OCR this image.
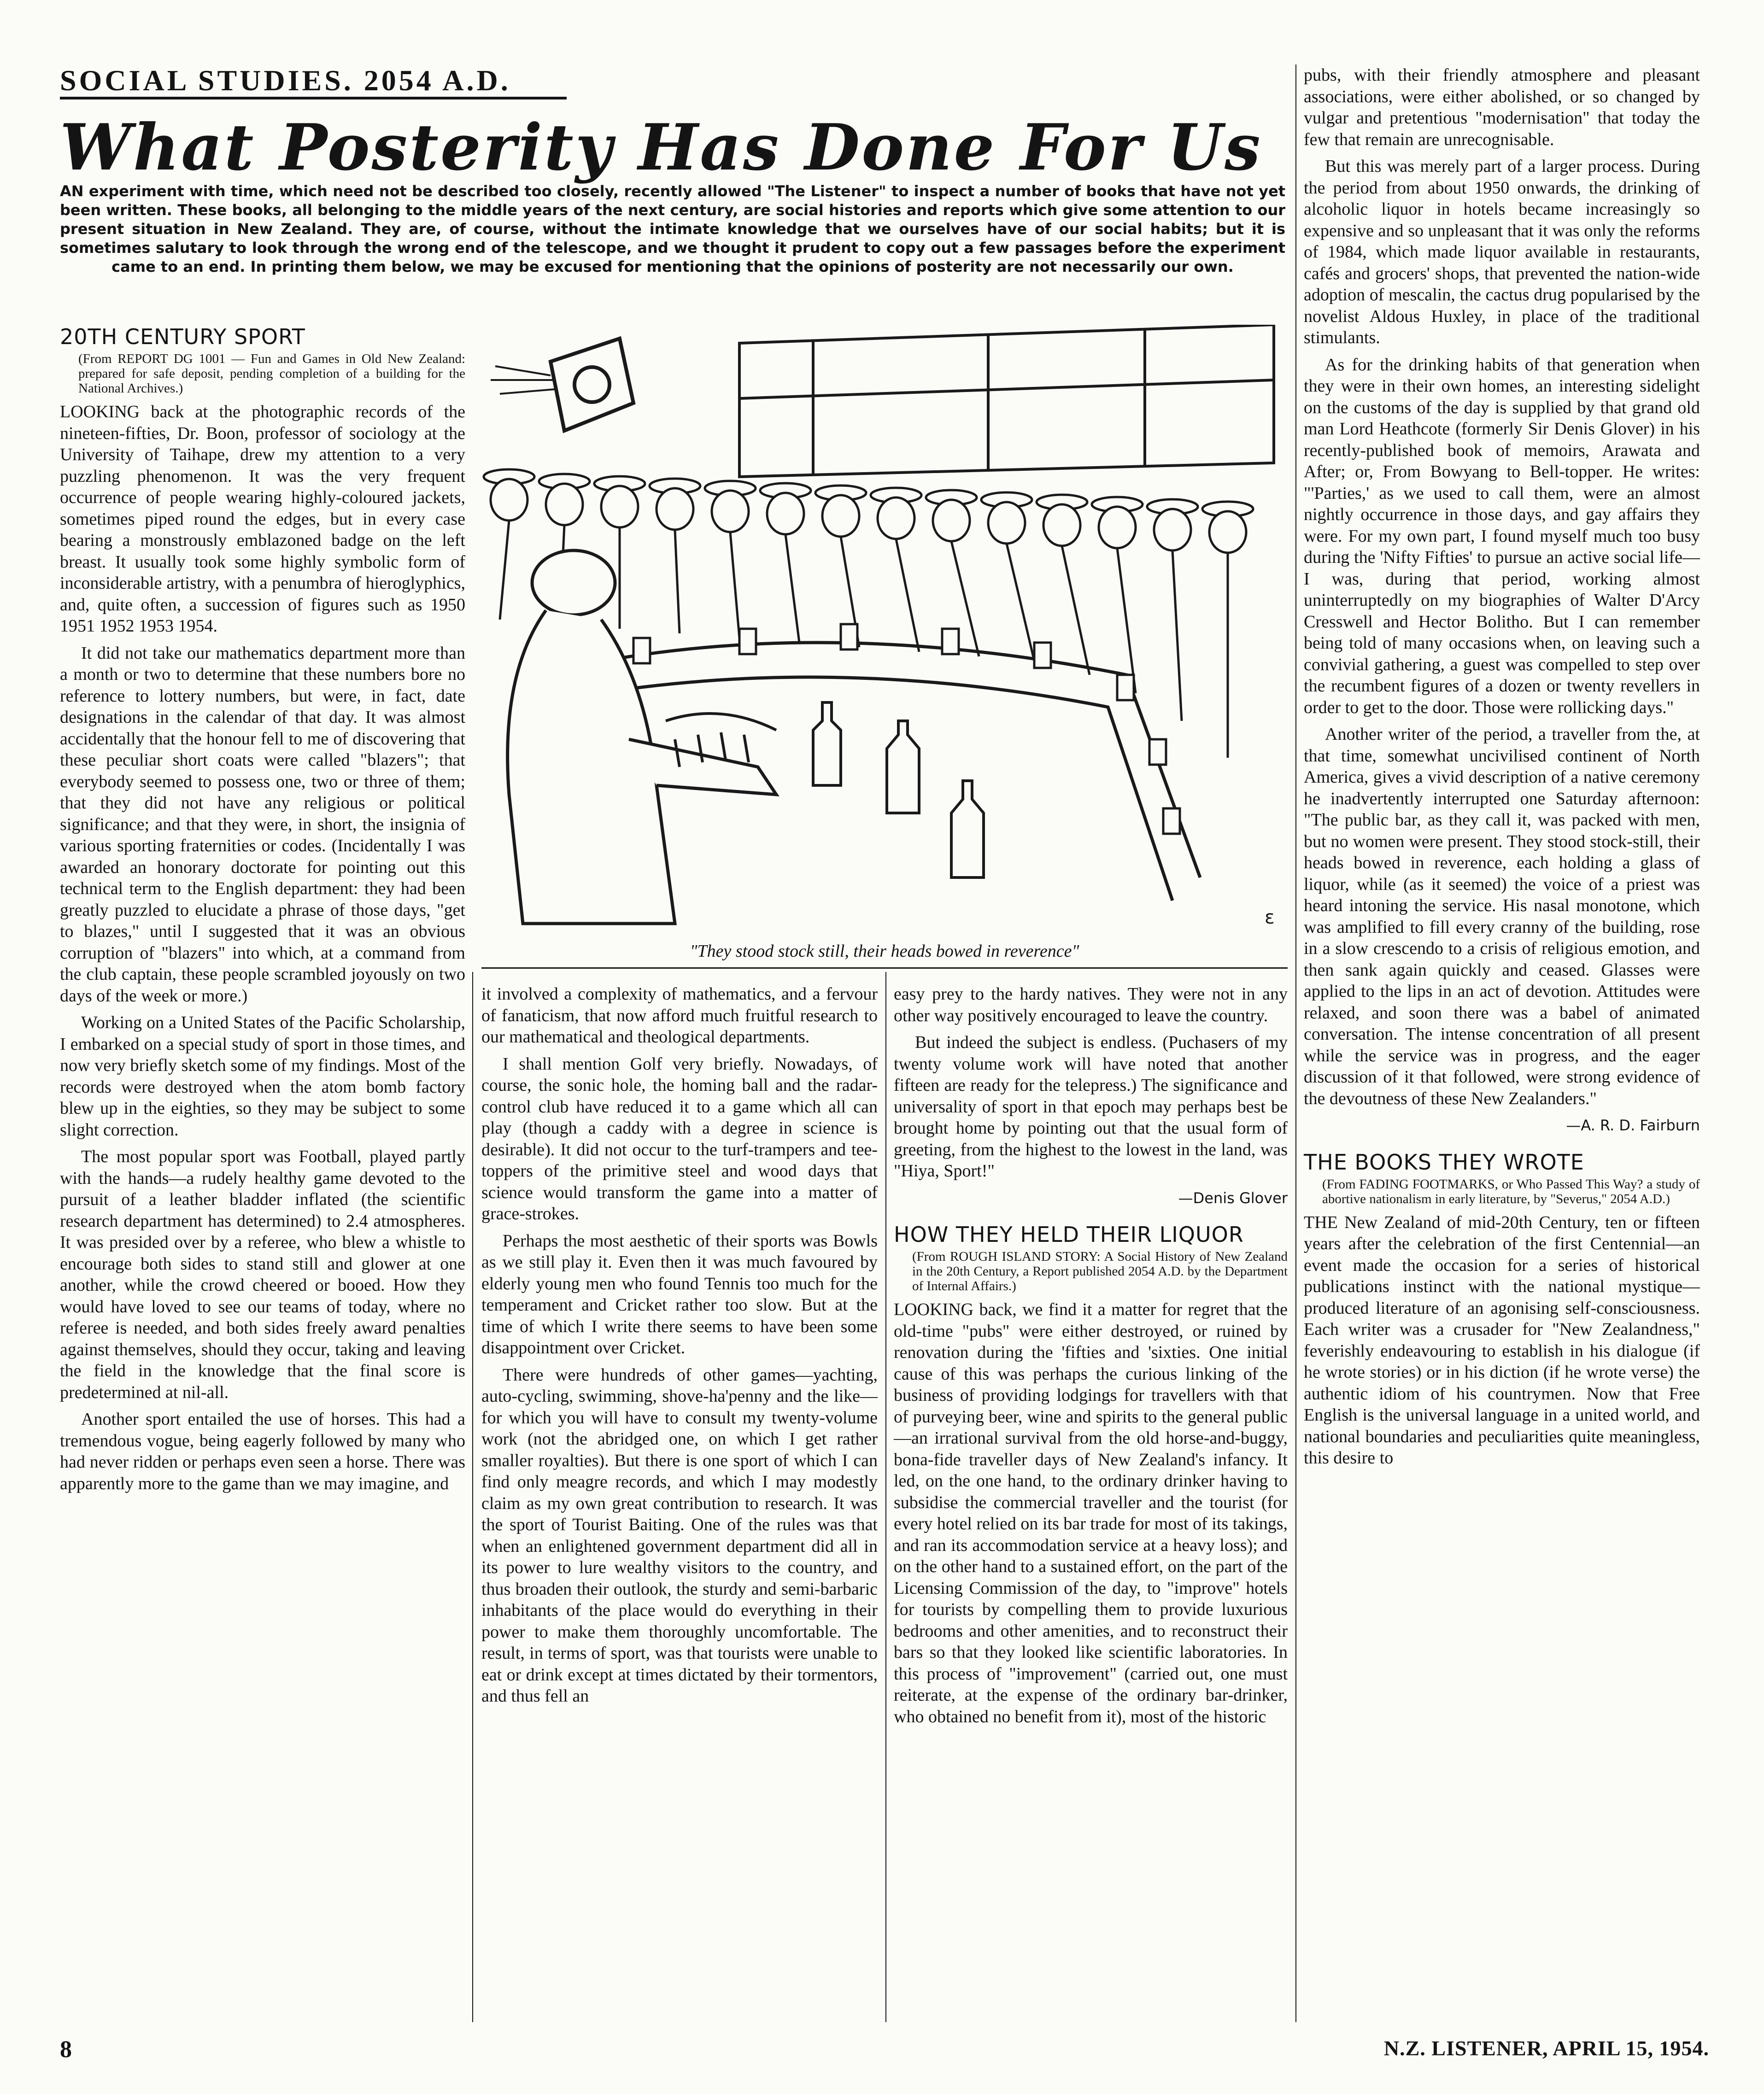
SOCIAL STUDIES. 2054 A.D.
What Posterity Has Done For Us
AN experiment with time, which need not be described too closely, recently allowed "The Listener" to inspect a number of books that have not yet been written. These books, all belonging to the middle years of the next century, are social histories and reports which give some attention to our present situation in New Zealand. They are, of course, without the intimate knowledge that we ourselves have of our social habits; but it is sometimes salutary to look through the wrong end of the telescope, and we thought it prudent to copy out a few passages before the experiment came to an end. In printing them below, we may be excused for mentioning that the opinions of posterity are not necessarily our own.
20TH CENTURY SPORT
(From REPORT DG 1001 — Fun and Games in Old New Zealand: prepared for safe deposit, pending completion of a building for the National Archives.)

LOOKING back at the photographic records of the nineteen-fifties, Dr. Boon, professor of sociology at the University of Taihape, drew my attention to a very puzzling phenomenon. It was the very frequent occurrence of people wearing highly-coloured jackets, sometimes piped round the edges, but in every case bearing a monstrously emblazoned badge on the left breast. It usually took some highly symbolic form of inconsiderable artistry, with a penumbra of hieroglyphics, and, quite often, a succession of figures such as 1950 1951 1952 1953 1954.

It did not take our mathematics department more than a month or two to determine that these numbers bore no reference to lottery numbers, but were, in fact, date designations in the calendar of that day. It was almost accidentally that the honour fell to me of discovering that these peculiar short coats were called "blazers"; that everybody seemed to possess one, two or three of them; that they did not have any religious or political significance; and that they were, in short, the insignia of various sporting fraternities or codes. (Incidentally I was awarded an honorary doctorate for pointing out this technical term to the English department: they had been greatly puzzled to elucidate a phrase of those days, "get to blazes," until I suggested that it was an obvious corruption of "blazers" into which, at a command from the club captain, these people scrambled joyously on two days of the week or more.)

Working on a United States of the Pacific Scholarship, I embarked on a special study of sport in those times, and now very briefly sketch some of my findings. Most of the records were destroyed when the atom bomb factory blew up in the eighties, so they may be subject to some slight correction.

The most popular sport was Football, played partly with the hands—a rudely healthy game devoted to the pursuit of a leather bladder inflated (the scientific research department has determined) to 2.4 atmospheres. It was presided over by a referee, who blew a whistle to encourage both sides to stand still and glower at one another, while the crowd cheered or booed. How they would have loved to see our teams of today, where no referee is needed, and both sides freely award penalties against themselves, should they occur, taking and leaving the field in the knowledge that the final score is predetermined at nil-all.

Another sport entailed the use of horses. This had a tremendous vogue, being eagerly followed by many who had never ridden or perhaps even seen a horse. There was apparently more to the game than we may imagine, and

ε
"They stood stock still, their heads bowed in reverence"

it involved a complexity of mathematics, and a fervour of fanaticism, that now afford much fruitful research to our mathematical and theological departments.

I shall mention Golf very briefly. Nowadays, of course, the sonic hole, the homing ball and the radar-control club have reduced it to a game which all can play (though a caddy with a degree in science is desirable). It did not occur to the turf-trampers and tee-toppers of the primitive steel and wood days that science would transform the game into a matter of grace-strokes.

Perhaps the most aesthetic of their sports was Bowls as we still play it. Even then it was much favoured by elderly young men who found Tennis too much for the temperament and Cricket rather too slow. But at the time of which I write there seems to have been some disappointment over Cricket.

There were hundreds of other games—yachting, auto-cycling, swimming, shove-ha'penny and the like—for which you will have to consult my twenty-volume work (not the abridged one, on which I get rather smaller royalties). But there is one sport of which I can find only meagre records, and which I may modestly claim as my own great contribution to research. It was the sport of Tourist Baiting. One of the rules was that when an enlightened government department did all in its power to lure wealthy visitors to the country, and thus broaden their outlook, the sturdy and semi-barbaric inhabitants of the place would do everything in their power to make them thoroughly uncomfortable. The result, in terms of sport, was that tourists were unable to eat or drink except at times dictated by their tormentors, and thus fell an

easy prey to the hardy natives. They were not in any other way positively encouraged to leave the country.

But indeed the subject is endless. (Puchasers of my twenty volume work will have noted that another fifteen are ready for the telepress.) The significance and universality of sport in that epoch may perhaps best be brought home by pointing out that the usual form of greeting, from the highest to the lowest in the land, was "Hiya, Sport!"

—Denis Glover
HOW THEY HELD THEIR LIQUOR
(From ROUGH ISLAND STORY: A Social History of New Zealand in the 20th Century, a Report published 2054 A.D. by the Department of Internal Affairs.)

LOOKING back, we find it a matter for regret that the old-time "pubs" were either destroyed, or ruined by renovation during the 'fifties and 'sixties. One initial cause of this was perhaps the curious linking of the business of providing lodgings for travellers with that of purveying beer, wine and spirits to the general public—an irrational survival from the old horse-and-buggy, bona-fide traveller days of New Zealand's infancy. It led, on the one hand, to the ordinary drinker having to subsidise the commercial traveller and the tourist (for every hotel relied on its bar trade for most of its takings, and ran its accommodation service at a heavy loss); and on the other hand to a sustained effort, on the part of the Licensing Commission of the day, to "improve" hotels for tourists by compelling them to provide luxurious bedrooms and other amenities, and to reconstruct their bars so that they looked like scientific laboratories. In this process of "improvement" (carried out, one must reiterate, at the expense of the ordinary bar-drinker, who obtained no benefit from it), most of the historic

pubs, with their friendly atmosphere and pleasant associations, were either abolished, or so changed by vulgar and pretentious "modernisation" that today the few that remain are unrecognisable.

But this was merely part of a larger process. During the period from about 1950 onwards, the drinking of alcoholic liquor in hotels became increasingly so expensive and so unpleasant that it was only the reforms of 1984, which made liquor available in restaurants, cafés and grocers' shops, that prevented the nation-wide adoption of mescalin, the cactus drug popularised by the novelist Aldous Huxley, in place of the traditional stimulants.

As for the drinking habits of that generation when they were in their own homes, an interesting sidelight on the customs of the day is supplied by that grand old man Lord Heathcote (formerly Sir Denis Glover) in his recently-published book of memoirs, Arawata and After; or, From Bowyang to Bell-topper. He writes: "'Parties,' as we used to call them, were an almost nightly occurrence in those days, and gay affairs they were. For my own part, I found myself much too busy during the 'Nifty Fifties' to pursue an active social life—I was, during that period, working almost uninterruptedly on my biographies of Walter D'Arcy Cresswell and Hector Bolitho. But I can remember being told of many occasions when, on leaving such a convivial gathering, a guest was compelled to step over the recumbent figures of a dozen or twenty revellers in order to get to the door. Those were rollicking days."

Another writer of the period, a traveller from the, at that time, somewhat uncivilised continent of North America, gives a vivid description of a native ceremony he inadvertently interrupted one Saturday afternoon: "The public bar, as they call it, was packed with men, but no women were present. They stood stock-still, their heads bowed in reverence, each holding a glass of liquor, while (as it seemed) the voice of a priest was heard intoning the service. His nasal monotone, which was amplified to fill every cranny of the building, rose in a slow crescendo to a crisis of religious emotion, and then sank again quickly and ceased. Glasses were applied to the lips in an act of devotion. Attitudes were relaxed, and soon there was a babel of animated conversation. The intense concentration of all present while the service was in progress, and the eager discussion of it that followed, were strong evidence of the devoutness of these New Zealanders."

—A. R. D. Fairburn
THE BOOKS THEY WROTE
(From FADING FOOTMARKS, or Who Passed This Way? a study of abortive nationalism in early literature, by "Severus," 2054 A.D.)

THE New Zealand of mid-20th Century, ten or fifteen years after the celebration of the first Centennial—an event made the occasion for a series of historical publications instinct with the national mystique—produced literature of an agonising self-consciousness. Each writer was a crusader for "New Zealandness," feverishly endeavouring to establish in his dialogue (if he wrote stories) or in his diction (if he wrote verse) the authentic idiom of his countrymen. Now that Free English is the universal language in a united world, and national boundaries and peculiarities quite meaningless, this desire to

8	N.Z. LISTENER, APRIL 15, 1954.
